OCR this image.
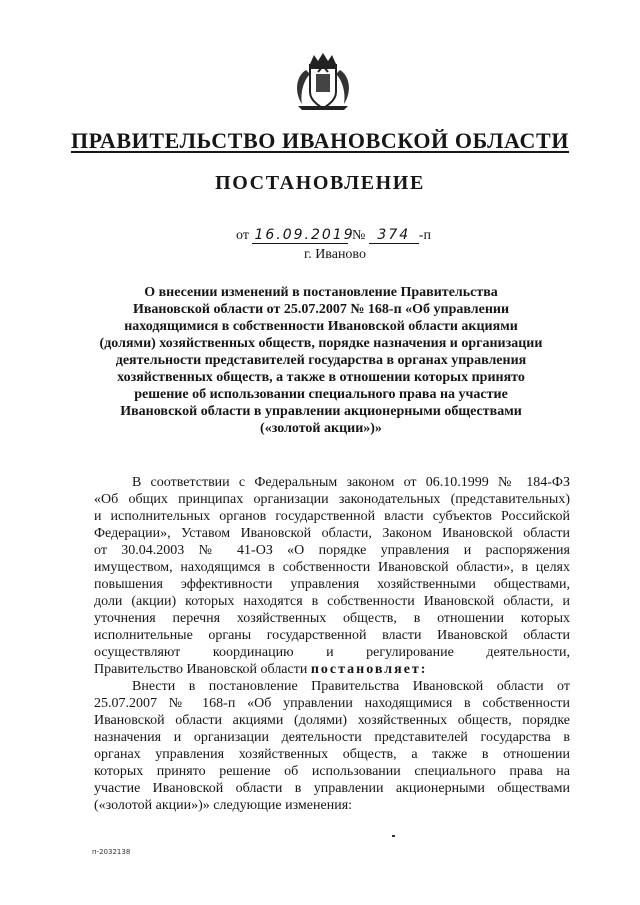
ПРАВИТЕЛЬСТВО ИВАНОВСКОЙ ОБЛАСТИ
ПОСТАНОВЛЕНИЕ
от 16.09.2019 № 374 -п
г. Иваново
О внесении изменений в постановление Правительства
Ивановской области от 25.07.2007 № 168-п «Об управлении
находящимися в собственности Ивановской области акциями
(долями) хозяйственных обществ, порядке назначения и организации
деятельности представителей государства в органах управления
хозяйственных обществ, а также в отношении которых принято
решение об использовании специального права на участие
Ивановской области в управлении акционерными обществами
(«золотой акции»)»
В соответствии с Федеральным законом от 06.10.1999 № 184-ФЗ
«Об общих принципах организации законодательных (представительных)
и исполнительных органов государственной власти субъектов Российской
Федерации», Уставом Ивановской области, Законом Ивановской области
от 30.04.2003 № 41-ОЗ «О порядке управления и распоряжения
имуществом, находящимся в собственности Ивановской области», в целях
повышения эффективности управления хозяйственными обществами,
доли (акции) которых находятся в собственности Ивановской области, и
уточнения перечня хозяйственных обществ, в отношении которых
исполнительные органы государственной власти Ивановской области
осуществляют координацию и регулирование деятельности,
Правительство Ивановской области постановляет:
Внести в постановление Правительства Ивановской области от
25.07.2007 № 168-п «Об управлении находящимися в собственности
Ивановской области акциями (долями) хозяйственных обществ, порядке
назначения и организации деятельности представителей государства в
органах управления хозяйственных обществ, а также в отношении
которых принято решение об использовании специального права на
участие Ивановской области в управлении акционерными обществами
(«золотой акции»)» следующие изменения:
п-2032138
